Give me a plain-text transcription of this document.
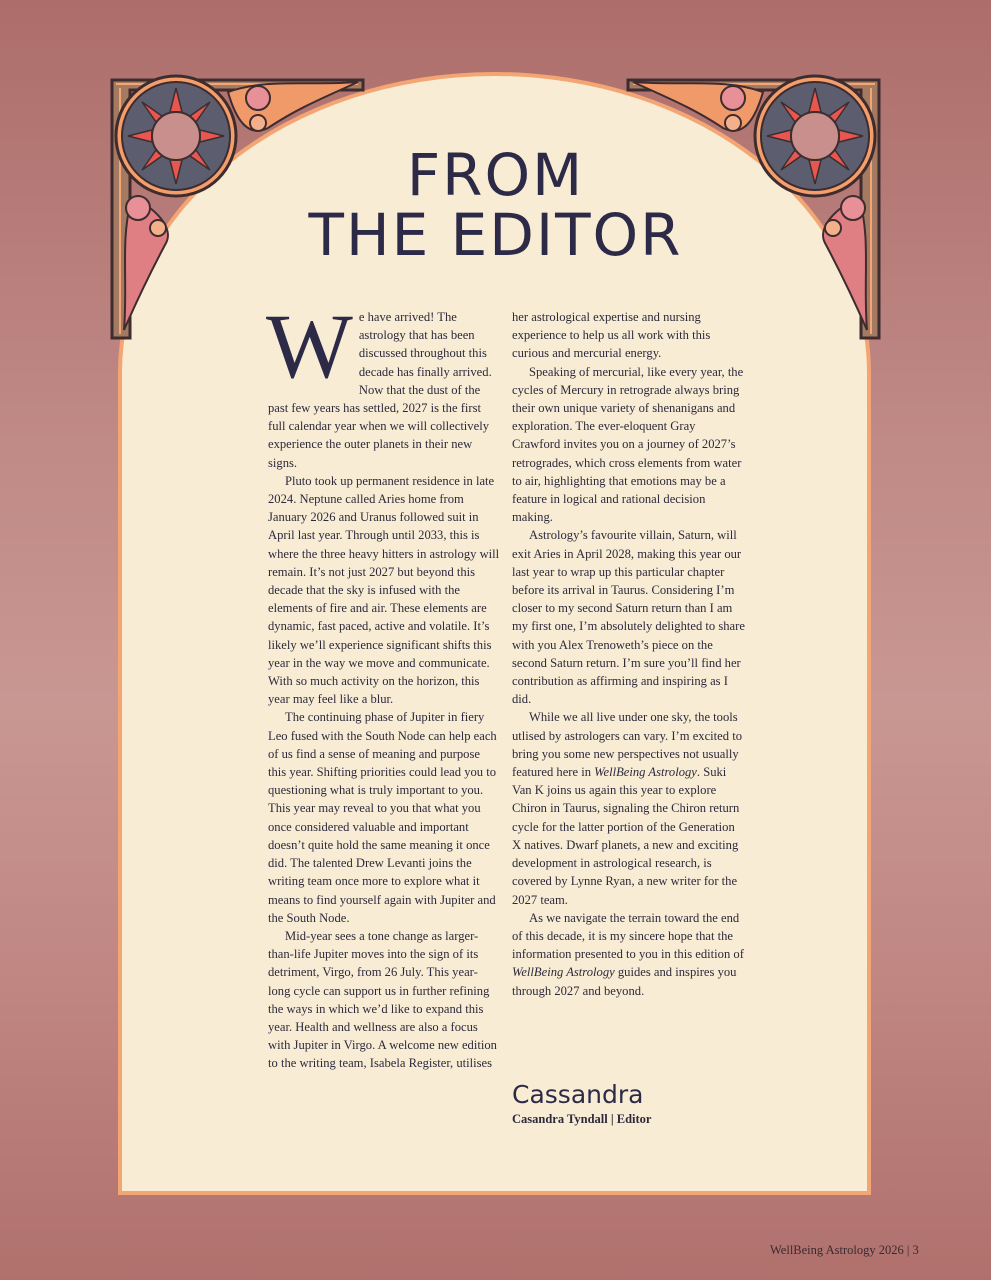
FROM
THE EDITOR

We have arrived! The astrology that has been discussed throughout this decade has finally arrived. Now that the dust of the past few years has settled, 2027 is the first full calendar year when we will collectively experience the outer planets in their new signs.

Pluto took up permanent residence in late 2024. Neptune called Aries home from January 2026 and Uranus followed suit in April last year. Through until 2033, this is where the three heavy hitters in astrology will remain. It’s not just 2027 but beyond this decade that the sky is infused with the elements of fire and air. These elements are dynamic, fast paced, active and volatile. It’s likely we’ll experience significant shifts this year in the way we move and communicate. With so much activity on the horizon, this year may feel like a blur.

The continuing phase of Jupiter in fiery Leo fused with the South Node can help each of us find a sense of meaning and purpose this year. Shifting priorities could lead you to questioning what is truly important to you. This year may reveal to you that what you once considered valuable and important doesn’t quite hold the same meaning it once did. The talented Drew Levanti joins the writing team once more to explore what it means to find yourself again with Jupiter and the South Node.

Mid-year sees a tone change as larger-than-life Jupiter moves into the sign of its detriment, Virgo, from 26 July. This year-long cycle can support us in further refining the ways in which we’d like to expand this year. Health and wellness are also a focus with Jupiter in Virgo. A welcome new edition to the writing team, Isabela Register, utilises

her astrological expertise and nursing experience to help us all work with this curious and mercurial energy.

Speaking of mercurial, like every year, the cycles of Mercury in retrograde always bring their own unique variety of shenanigans and exploration. The ever-eloquent Gray Crawford invites you on a journey of 2027’s retrogrades, which cross elements from water to air, highlighting that emotions may be a feature in logical and rational decision making.

Astrology’s favourite villain, Saturn, will exit Aries in April 2028, making this year our last year to wrap up this particular chapter before its arrival in Taurus. Considering I’m closer to my second Saturn return than I am my first one, I’m absolutely delighted to share with you Alex Trenoweth’s piece on the second Saturn return. I’m sure you’ll find her contribution as affirming and inspiring as I did.

While we all live under one sky, the tools utlised by astrologers can vary. I’m excited to bring you some new perspectives not usually featured here in WellBeing Astrology. Suki Van K joins us again this year to explore Chiron in Taurus, signaling the Chiron return cycle for the latter portion of the Generation X natives. Dwarf planets, a new and exciting development in astrological research, is covered by Lynne Ryan, a new writer for the 2027 team.

As we navigate the terrain toward the end of this decade, it is my sincere hope that the information presented to you in this edition of WellBeing Astrology guides and inspires you through 2027 and beyond.

Cassandra

Casandra Tyndall | Editor

WellBeing Astrology 2026 | 3
